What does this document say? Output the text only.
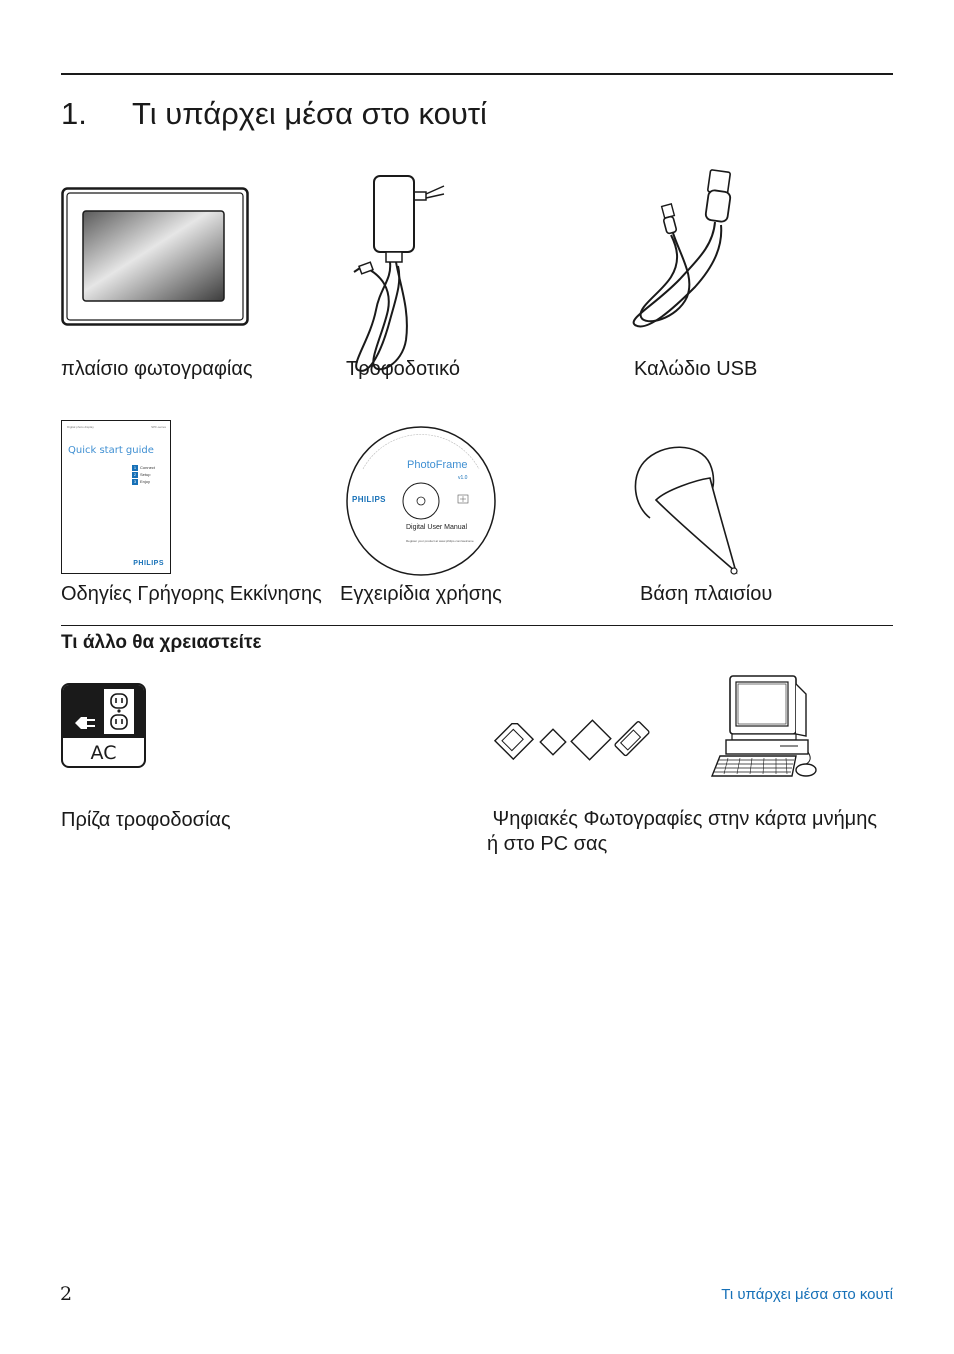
1. Τι υπάρχει μέσα στο κουτί
πλαίσιο φωτογραφίας	Τροφοδοτικό	Καλώδιο USB
Digital photo display	SPF-series
Quick start guide
1 Connect
2 Setup
3 Enjoy
PHILIPS
PHILIPS
PhotoFrame
v1.0
Digital User Manual
Register your product at www.philips.com/welcome
Οδηγίες Γρήγορης Εκκίνησης Εγχειρίδια χρήσης	Βάση πλαισίου
Τι άλλο θα χρειαστείτε
AC
Πρίζα τροφοδοσίας	Ψηφιακές Φωτογραφίες στην κάρτα μνήμης
ή στο PC σας
2	Τι υπάρχει μέσα στο κουτί
